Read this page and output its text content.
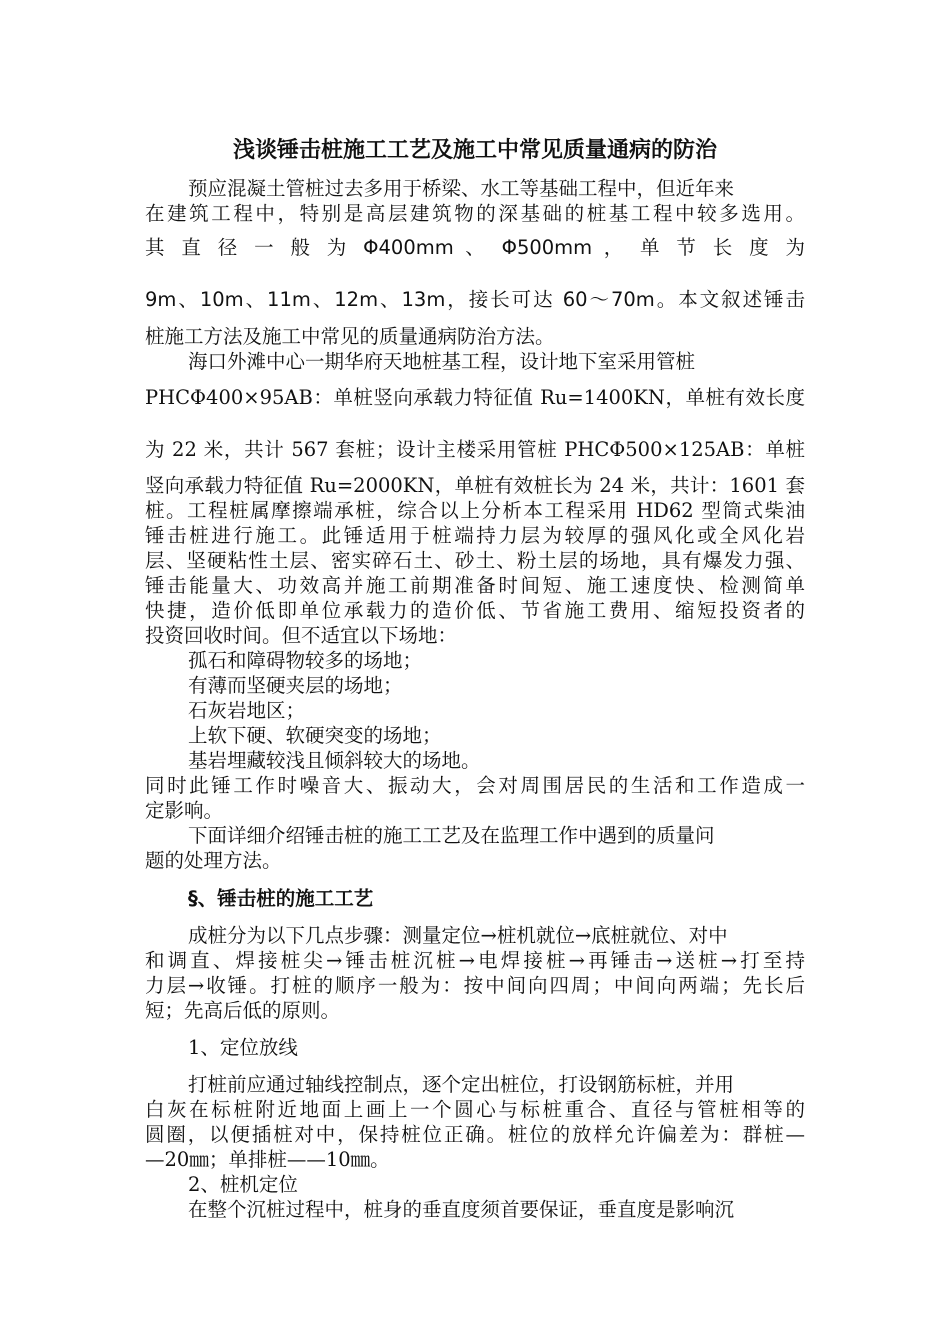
浅谈锤击桩施工工艺及施工中常见质量通病的防治
预应混凝土管桩过去多用于桥梁、水工等基础工程中，但近年来
在建筑工程中，特别是高层建筑物的深基础的桩基工程中较多选用。
其 直 径 一 般 为 Φ400mm 、 Φ500mm ， 单 节 长 度 为
9m、10m、11m、12m、13m，接长可达 60～70m。本文叙述锤击
桩施工方法及施工中常见的质量通病防治方法。
海口外滩中心一期华府天地桩基工程，设计地下室采用管桩
PHCΦ400×95AB：单桩竖向承载力特征值 Ru=1400KN，单桩有效长度
为 22 米，共计 567 套桩；设计主楼采用管桩 PHCΦ500×125AB：单桩
竖向承载力特征值 Ru=2000KN，单桩有效桩长为 24 米，共计：1601 套
桩。工程桩属摩擦端承桩，综合以上分析本工程采用 HD62 型筒式柴油
锤击桩进行施工。此锤适用于桩端持力层为较厚的强风化或全风化岩
层、坚硬粘性土层、密实碎石土、砂土、粉土层的场地，具有爆发力强、
锤击能量大、功效高并施工前期准备时间短、施工速度快、检测简单
快捷，造价低即单位承载力的造价低、节省施工费用、缩短投资者的
投资回收时间。但不适宜以下场地：
孤石和障碍物较多的场地；
有薄而坚硬夹层的场地；
石灰岩地区；
上软下硬、软硬突变的场地；
基岩埋藏较浅且倾斜较大的场地。
同时此锤工作时噪音大、振动大，会对周围居民的生活和工作造成一
定影响。
下面详细介绍锤击桩的施工工艺及在监理工作中遇到的质量问
题的处理方法。
§、锤击桩的施工工艺
成桩分为以下几点步骤：测量定位→桩机就位→底桩就位、对中
和调直、焊接桩尖→锤击桩沉桩→电焊接桩→再锤击→送桩→打至持
力层→收锤。打桩的顺序一般为：按中间向四周；中间向两端；先长后
短；先高后低的原则。
1、定位放线
打桩前应通过轴线控制点，逐个定出桩位，打设钢筋标桩，并用
白灰在标桩附近地面上画上一个圆心与标桩重合、直径与管桩相等的
圆圈，以便插桩对中，保持桩位正确。桩位的放样允许偏差为：群桩—
—20㎜；单排桩——10㎜。
2、桩机定位
在整个沉桩过程中，桩身的垂直度须首要保证，垂直度是影响沉
